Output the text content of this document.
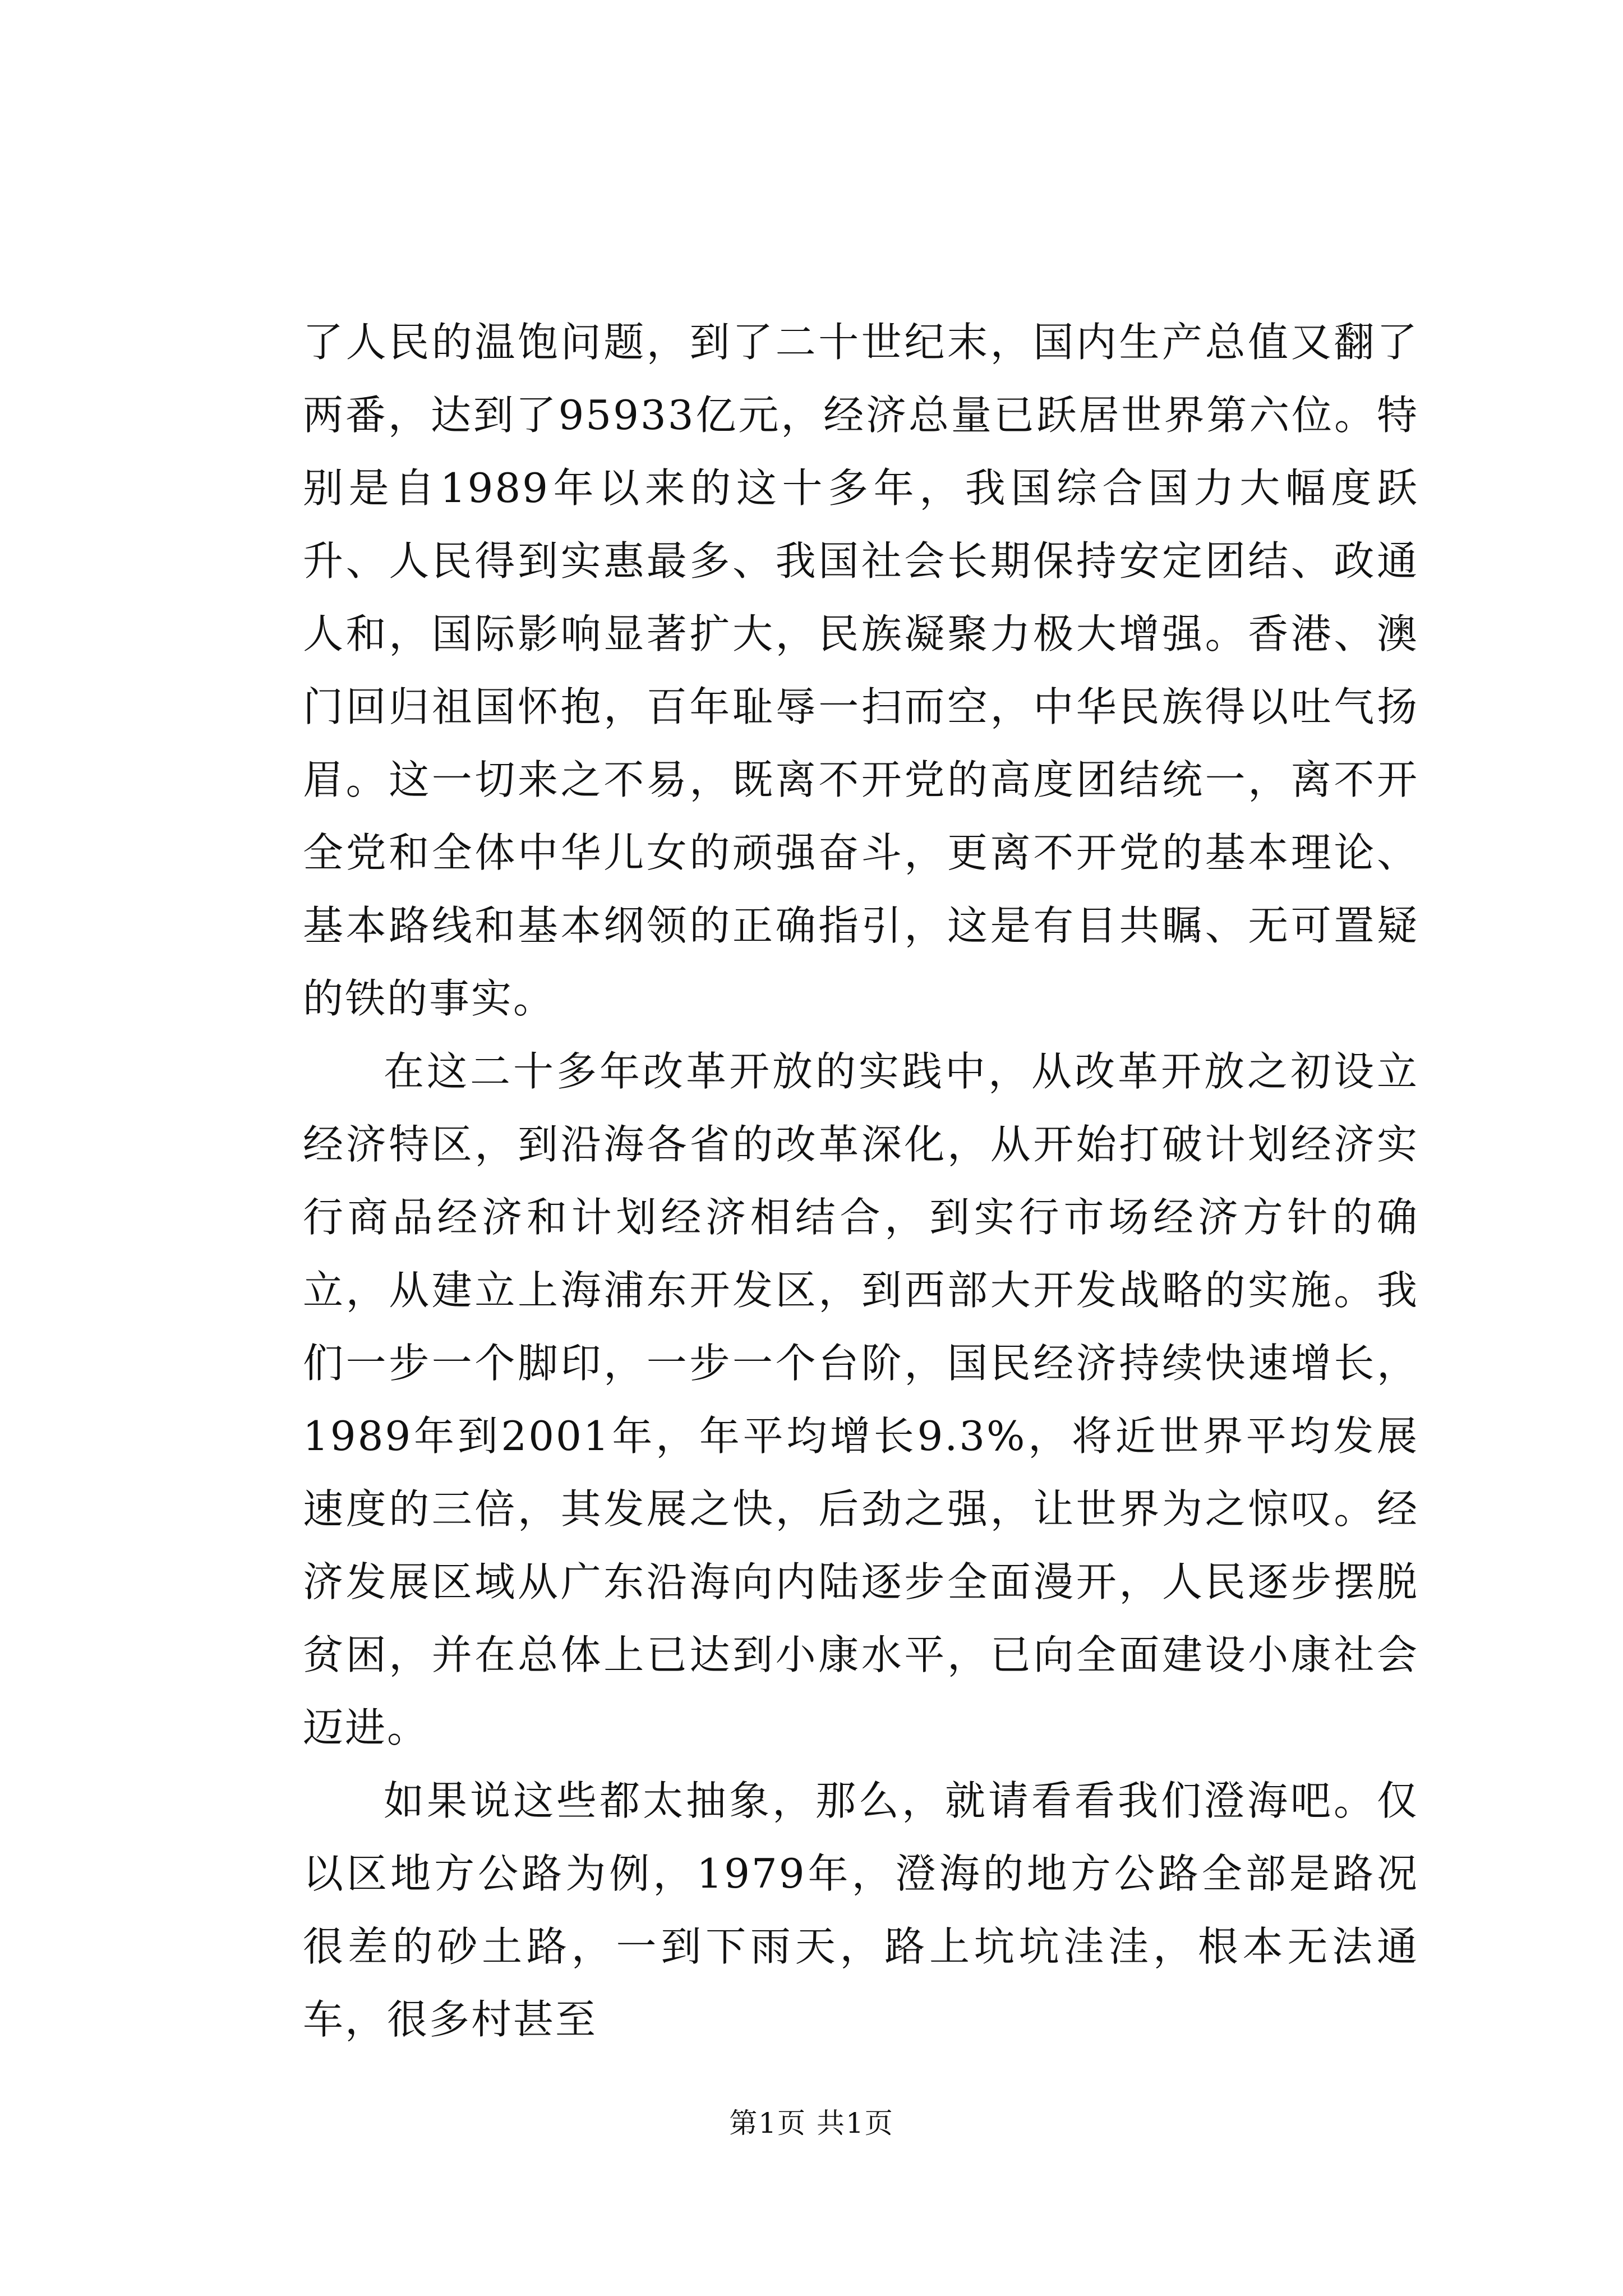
了人民的温饱问题，到了二十世纪末，国内生产总值又翻了两番，达到了95933亿元，经济总量已跃居世界第六位。特别是自1989年以来的这十多年，我国综合国力大幅度跃升、人民得到实惠最多、我国社会长期保持安定团结、政通人和，国际影响显著扩大，民族凝聚力极大增强。香港、澳门回归祖国怀抱，百年耻辱一扫而空，中华民族得以吐气扬眉。这一切来之不易，既离不开党的高度团结统一，离不开全党和全体中华儿女的顽强奋斗，更离不开党的基本理论、基本路线和基本纲领的正确指引，这是有目共瞩、无可置疑的铁的事实。

在这二十多年改革开放的实践中，从改革开放之初设立经济特区，到沿海各省的改革深化，从开始打破计划经济实行商品经济和计划经济相结合，到实行市场经济方针的确立，从建立上海浦东开发区，到西部大开发战略的实施。我们一步一个脚印，一步一个台阶，国民经济持续快速增长，1989年到2001年，年平均增长9.3%，将近世界平均发展速度的三倍，其发展之快，后劲之强，让世界为之惊叹。经济发展区域从广东沿海向内陆逐步全面漫开，人民逐步摆脱贫困，并在总体上已达到小康水平，已向全面建设小康社会迈进。

如果说这些都太抽象，那么，就请看看我们澄海吧。仅以区地方公路为例，1979年，澄海的地方公路全部是路况很差的砂土路，一到下雨天，路上坑坑洼洼，根本无法通车，很多村甚至

第1页 共1页
